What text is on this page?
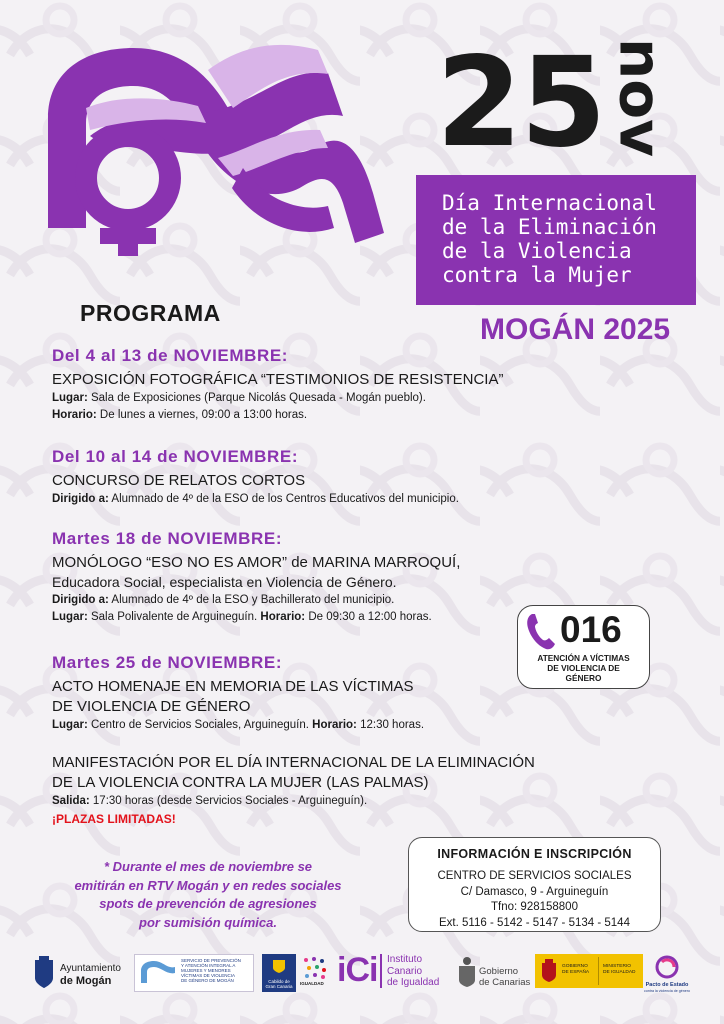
25 nov
Día Internacional
de la Eliminación
de la Violencia
contra la Mujer
PROGRAMA	MOGÁN 2025
Del 4 al 13 de NOVIEMBRE:
EXPOSICIÓN FOTOGRÁFICA “TESTIMONIOS DE RESISTENCIA”
Lugar: Sala de Exposiciones (Parque Nicolás Quesada - Mogán pueblo).
Horario: De lunes a viernes, 09:00 a 13:00 horas.
Del 10 al 14 de NOVIEMBRE:
CONCURSO DE RELATOS CORTOS
Dirigido a: Alumnado de 4º de la ESO de los Centros Educativos del municipio.
Martes 18 de NOVIEMBRE:
MONÓLOGO “ESO NO ES AMOR” de MARINA MARROQUÍ,
Educadora Social, especialista en Violencia de Género.
Dirigido a: Alumnado de 4º de la ESO y Bachillerato del municipio.
Lugar: Sala Polivalente de Arguineguín. Horario: De 09:30 a 12:00 horas.
Martes 25 de NOVIEMBRE:
ACTO HOMENAJE EN MEMORIA DE LAS VÍCTIMAS
DE VIOLENCIA DE GÉNERO
Lugar: Centro de Servicios Sociales, Arguineguín. Horario: 12:30 horas.
MANIFESTACIÓN POR EL DÍA INTERNACIONAL DE LA ELIMINACIÓN
DE LA VIOLENCIA CONTRA LA MUJER (LAS PALMAS)
Salida: 17:30 horas (desde Servicios Sociales - Arguineguín).
¡PLAZAS LIMITADAS!
016
ATENCIÓN A VÍCTIMAS
DE VIOLENCIA DE
GÉNERO
* Durante el mes de noviembre se
emitirán en RTV Mogán y en redes sociales
spots de prevención de agresiones
por sumisión química.
INFORMACIÓN E INSCRIPCIÓN
CENTRO DE SERVICIOS SOCIALES
C/ Damasco, 9 - Arguineguín
Tfno: 928158800
Ext. 5116 - 5142 - 5147 - 5134 - 5144
Ayuntamiento
de Mogán
SERVICIO DE PREVENCIÓN
Y ATENCIÓN INTEGRAL A
MUJERES Y MENORES
VÍCTIMAS DE VIOLENCIA
DE GÉNERO DE MOGÁN	Cabildo de
Gran Canaria
IGUALDAD iCi Instituto
Canario
de Igualdad
Gobierno
de Canarias
GOBIERNO
DE ESPAÑA
MINISTERIO
DE IGUALDAD
Pacto de Estado
contra la violencia de género
